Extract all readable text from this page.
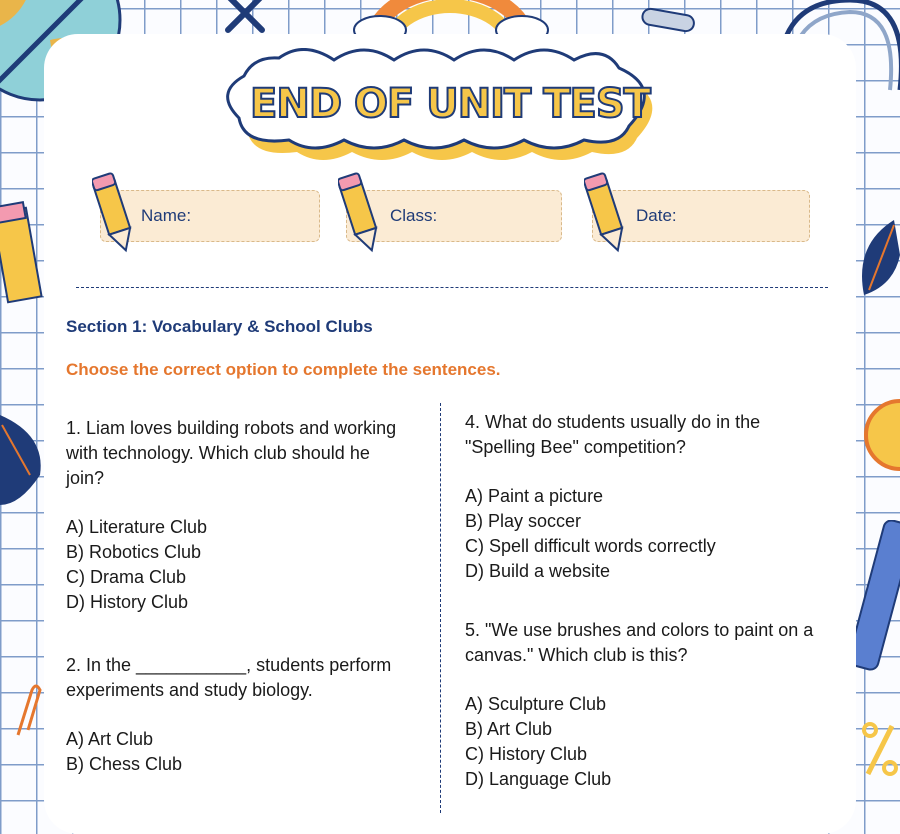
END OF UNIT TEST
Name:	Class:	Date:
Section 1: Vocabulary & School Clubs
Choose the correct option to complete the sentences.
1. Liam loves building robots and working with technology. Which club should he join?
A) Literature Club
B) Robotics Club
C) Drama Club
D) History Club
2. In the ___________, students perform experiments and study biology.
A) Art Club
B) Chess Club
4. What do students usually do in the "Spelling Bee" competition?
A) Paint a picture
B) Play soccer
C) Spell difficult words correctly
D) Build a website
5. "We use brushes and colors to paint on a canvas." Which club is this?
A) Sculpture Club
B) Art Club
C) History Club
D) Language Club
